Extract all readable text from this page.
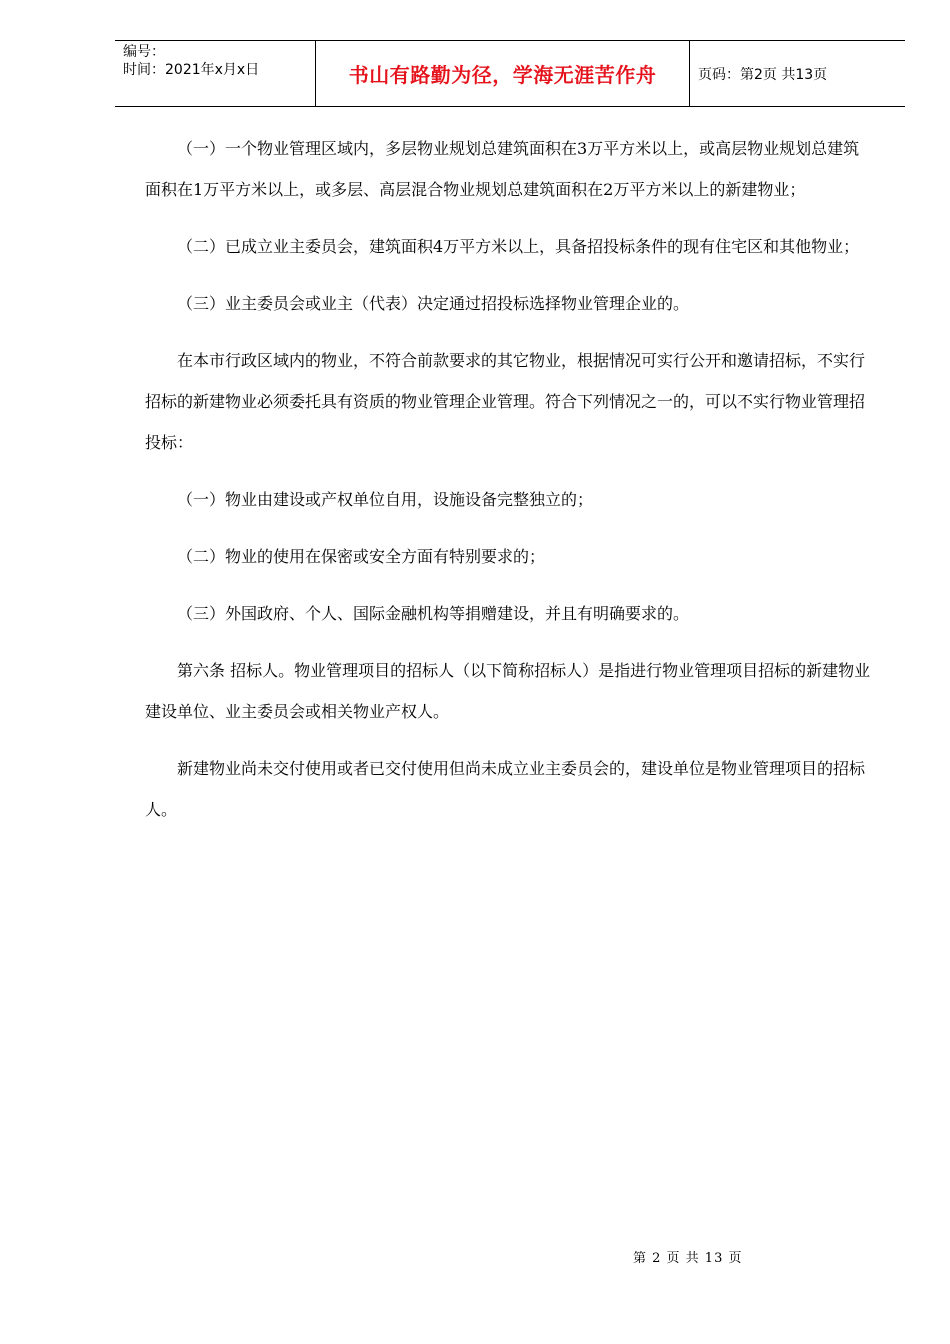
编号：
时间：2021年x月x日	书山有路勤为径，学海无涯苦作舟	页码：第2页 共13页

（一）一个物业管理区域内，多层物业规划总建筑面积在3万平方米以上，或高层物业规划总建筑面积在1万平方米以上，或多层、高层混合物业规划总建筑面积在2万平方米以上的新建物业；

（二）已成立业主委员会，建筑面积4万平方米以上，具备招投标条件的现有住宅区和其他物业；

（三）业主委员会或业主（代表）决定通过招投标选择物业管理企业的。

在本市行政区域内的物业，不符合前款要求的其它物业，根据情况可实行公开和邀请招标，不实行招标的新建物业必须委托具有资质的物业管理企业管理。符合下列情况之一的，可以不实行物业管理招投标：

（一）物业由建设或产权单位自用，设施设备完整独立的；

（二）物业的使用在保密或安全方面有特别要求的；

（三）外国政府、个人、国际金融机构等捐赠建设，并且有明确要求的。

第六条 招标人。物业管理项目的招标人（以下简称招标人）是指进行物业管理项目招标的新建物业建设单位、业主委员会或相关物业产权人。

新建物业尚未交付使用或者已交付使用但尚未成立业主委员会的，建设单位是物业管理项目的招标人。

第 2 页 共 13 页
